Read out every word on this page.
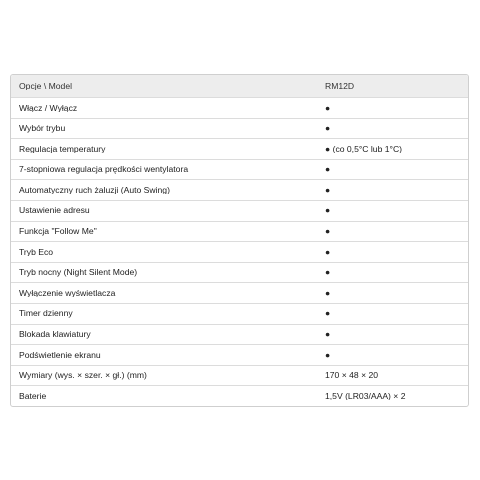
Opcje \ Model	RM12D
Włącz / Wyłącz	●
Wybór trybu	●
Regulacja temperatury	● (co 0,5°C lub 1°C)
7-stopniowa regulacja prędkości wentylatora	●
Automatyczny ruch żaluzji (Auto Swing)	●
Ustawienie adresu	●
Funkcja "Follow Me"	●
Tryb Eco	●
Tryb nocny (Night Silent Mode)	●
Wyłączenie wyświetlacza	●
Timer dzienny	●
Blokada klawiatury	●
Podświetlenie ekranu	●
Wymiary (wys. × szer. × gł.) (mm)	170 × 48 × 20
Baterie	1,5V (LR03/AAA) × 2
